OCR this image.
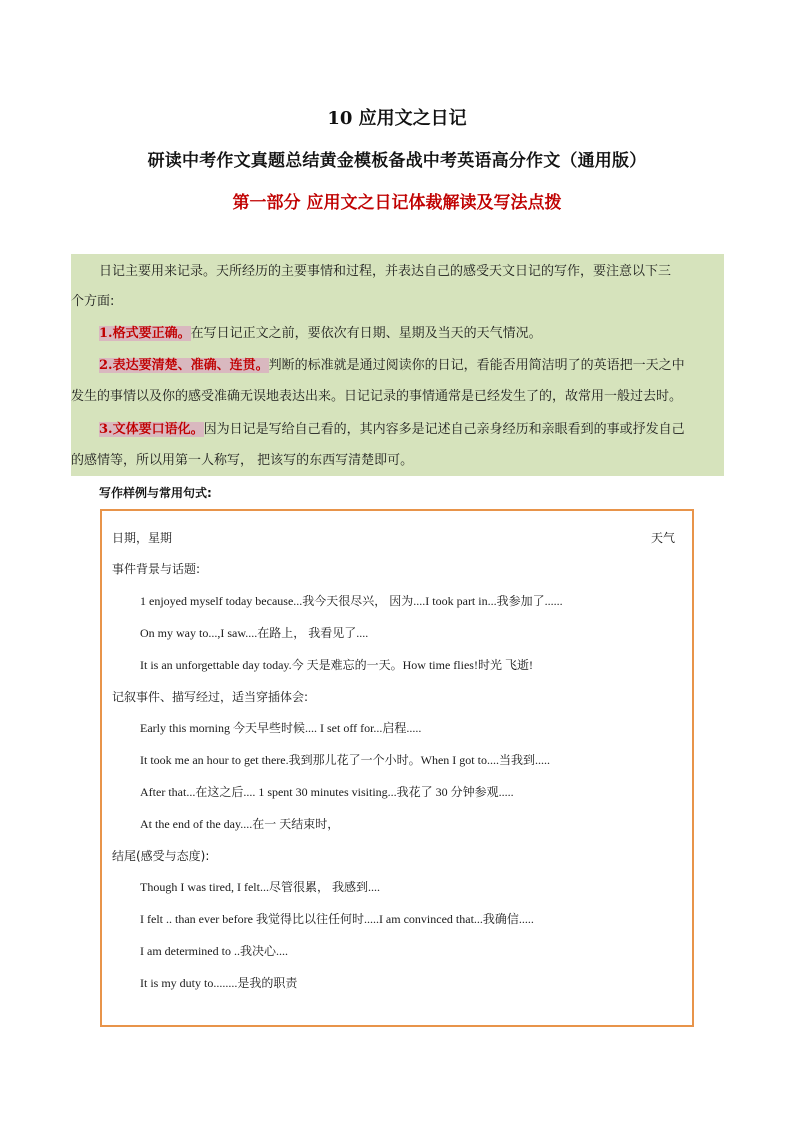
10 应用文之日记
研读中考作文真题总结黄金模板备战中考英语高分作文（通用版）
第一部分 应用文之日记体裁解读及写法点拨
日记主要用来记录。天所经历的主要事情和过程，并表达自己的感受天文日记的写作，要注意以下三
个方面:
1.格式要正确。在写日记正文之前，要依次有日期、星期及当天的天气情况。
2.表达要清楚、准确、连贯。判断的标准就是通过阅读你的日记，看能否用简洁明了的英语把一天之中
发生的事情以及你的感受准确无误地表达出来。日记记录的事情通常是已经发生了的，故常用一般过去时。
3.文体要口语化。因为日记是写给自己看的，其内容多是记述自己亲身经历和亲眼看到的事或抒发自己
的感情等，所以用第一人称写， 把该写的东西写清楚即可。
写作样例与常用句式:
日期，星期	天气
事件背景与话题:
1 enjoyed myself today because...我今天很尽兴， 因为....I took part in...我参加了......
On my way to...,I saw....在路上， 我看见了....
It is an unforgettable day today.今 天是难忘的一天。How time flies!时光 飞逝!
记叙事件、描写经过，适当穿插体会:
Early this morning 今天早些时候.... I set off for...启程.....
It took me an hour to get there.我到那儿花了一个小时。When I got to....当我到.....
After that...在这之后.... 1 spent 30 minutes visiting...我花了 30 分钟参观.....
At the end of the day....在一 天结束时，
结尾(感受与态度):
Though I was tired, I felt...尽管很累， 我感到....
I felt .. than ever before 我觉得比以往任何时.....I am convinced that...我确信.....
I am determined to ..我决心....
It is my duty to........是我的职责
